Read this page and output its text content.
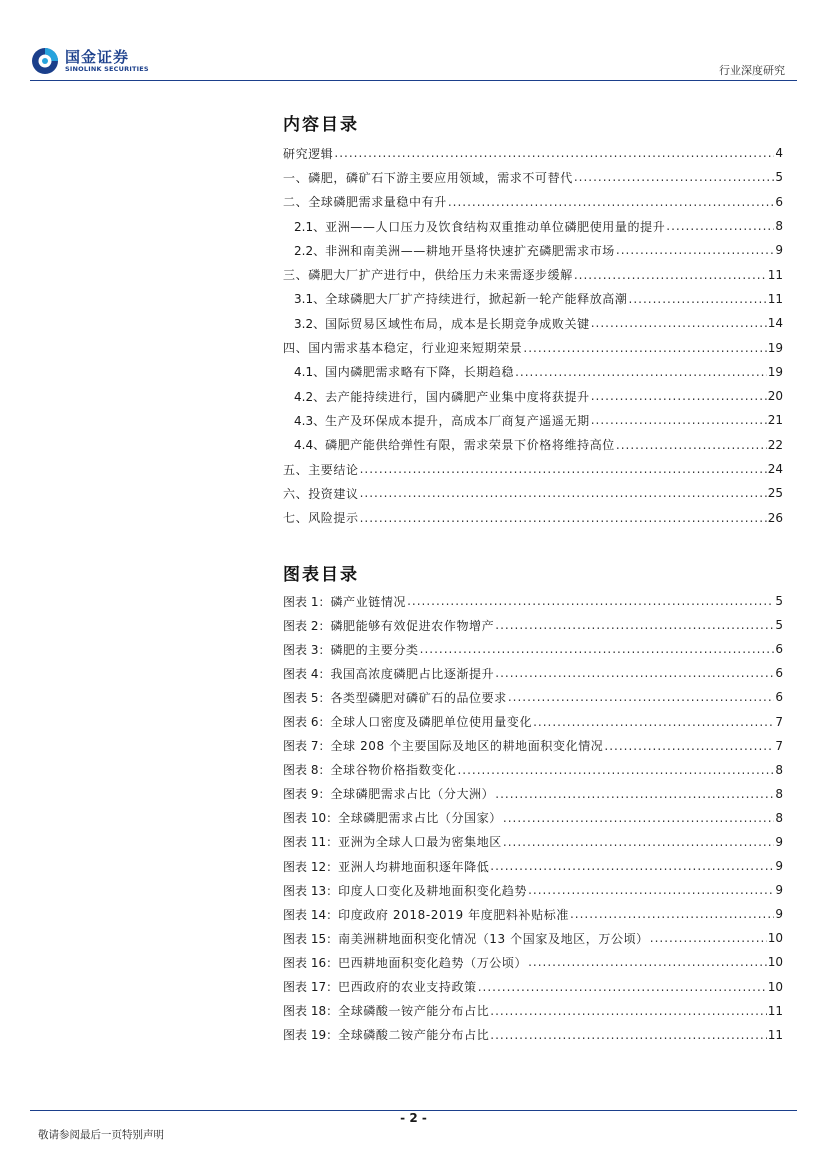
国金证券
SINOLINK SECURITIES	行业深度研究
内容目录
研究逻辑 .....	4
一、磷肥，磷矿石下游主要应用领域，需求不可替代 .....	5
二、全球磷肥需求量稳中有升 .....	6
2.1、 亚洲——人口压力及饮食结构双重推动单位磷肥使用量的提升 .....	8
2.2、 非洲和南美洲——耕地开垦将快速扩充磷肥需求市场 .....	9
三、磷肥大厂扩产进行中，供给压力未来需逐步缓解 .....	11
3.1、 全球磷肥大厂扩产持续进行，掀起新一轮产能释放高潮 .....	11
3.2、 国际贸易区域性布局，成本是长期竞争成败关键 .....	14
四、国内需求基本稳定，行业迎来短期荣景 .....	19
4.1、 国内磷肥需求略有下降，长期趋稳 .....	19
4.2、 去产能持续进行，国内磷肥产业集中度将获提升 .....	20
4.3、 生产及环保成本提升，高成本厂商复产遥遥无期 .....	21
4.4、 磷肥产能供给弹性有限，需求荣景下价格将维持高位 .....	22
五、主要结论 .....	24
六、投资建议 .....	25
七、风险提示 .....	26
图表目录
图表 1： 磷产业链情况 .....	5
图表 2： 磷肥能够有效促进农作物增产 .....	5
图表 3： 磷肥的主要分类 .....	6
图表 4： 我国高浓度磷肥占比逐渐提升 .....	6
图表 5： 各类型磷肥对磷矿石的品位要求 .....	6
图表 6： 全球人口密度及磷肥单位使用量变化 .....	7
图表 7： 全球 208 个主要国际及地区的耕地面积变化情况 .....	7
图表 8： 全球谷物价格指数变化 .....	8
图表 9： 全球磷肥需求占比（分大洲） .....	8
图表 10： 全球磷肥需求占比（分国家） .....	8
图表 11： 亚洲为全球人口最为密集地区 .....	9
图表 12： 亚洲人均耕地面积逐年降低 .....	9
图表 13： 印度人口变化及耕地面积变化趋势 .....	9
图表 14： 印度政府 2018-2019 年度肥料补贴标准 .....	9
图表 15： 南美洲耕地面积变化情况（13 个国家及地区，万公顷） .....	10
图表 16： 巴西耕地面积变化趋势（万公顷） .....	10
图表 17： 巴西政府的农业支持政策 .....	10
图表 18： 全球磷酸一铵产能分布占比 .....	11
图表 19： 全球磷酸二铵产能分布占比 .....	11
- 2 -
敬请参阅最后一页特别声明
